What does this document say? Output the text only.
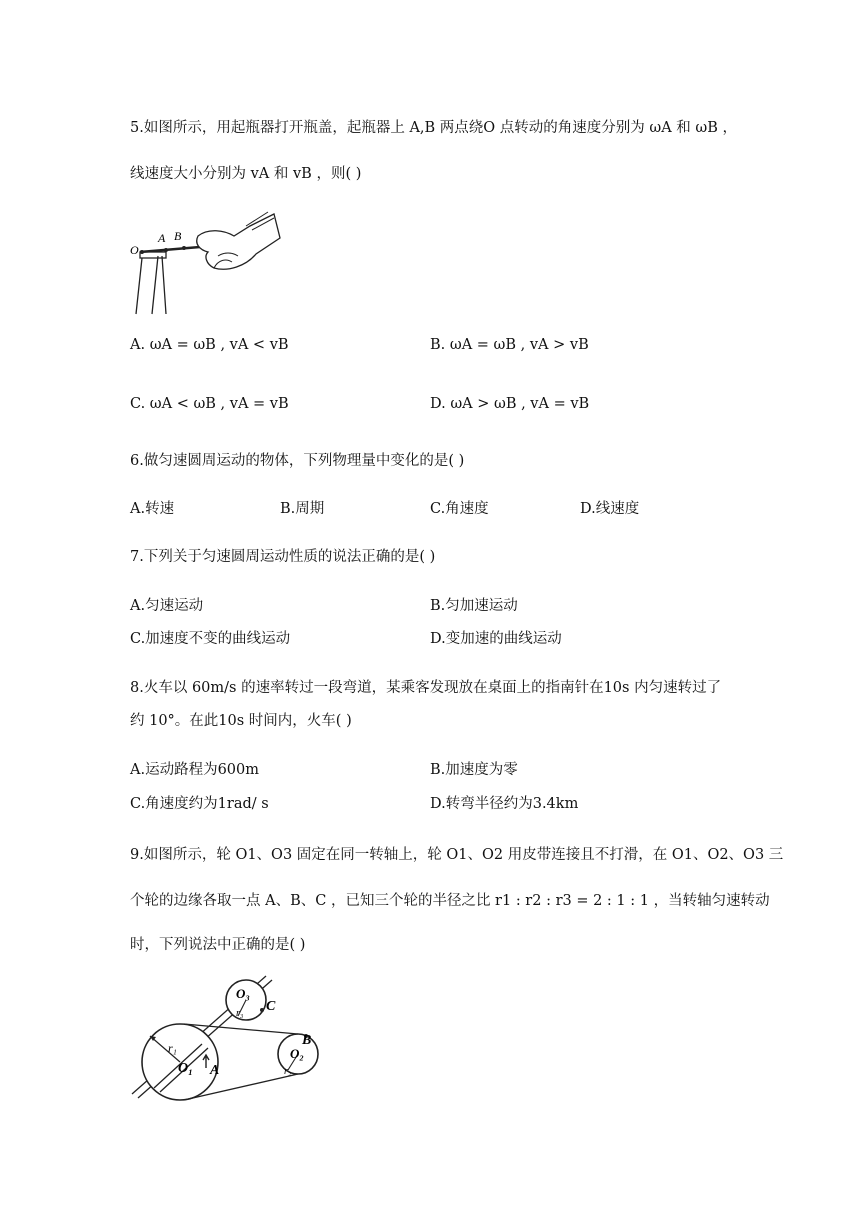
5.如图所示，用起瓶器打开瓶盖，起瓶器上 A,B 两点绕O 点转动的角速度分别为 ωA 和 ωB ，
线速度大小分别为 vA 和 vB ，则( )
O
A B
A. ωA = ωB , vA < vB	B. ωA = ωB , vA > vB
C. ωA < ωB , vA = vB	D. ωA > ωB , vA = vB
6.做匀速圆周运动的物体，下列物理量中变化的是( )
A.转速	B.周期	C.角速度	D.线速度
7.下列关于匀速圆周运动性质的说法正确的是( )
A.匀速运动	B.匀加速运动
C.加速度不变的曲线运动	D.变加速的曲线运动
8.火车以 60m/s 的速率转过一段弯道，某乘客发现放在桌面上的指南针在10s 内匀速转过了
约 10°。在此10s 时间内，火车( )
A.运动路程为600m	B.加速度为零
C.角速度约为1rad/ s	D.转弯半径约为3.4km
9.如图所示，轮 O1、O3 固定在同一转轴上，轮 O1、O2 用皮带连接且不打滑，在 O1、O2、O3 三
个轮的边缘各取一点 A、B、C ，已知三个轮的半径之比 r1 : r2 : r3 = 2 : 1 : 1 ，当转轴匀速转动
时，下列说法中正确的是( )
O₃
C
r₃
r₁
O₁ A
B
O₂
r₂
